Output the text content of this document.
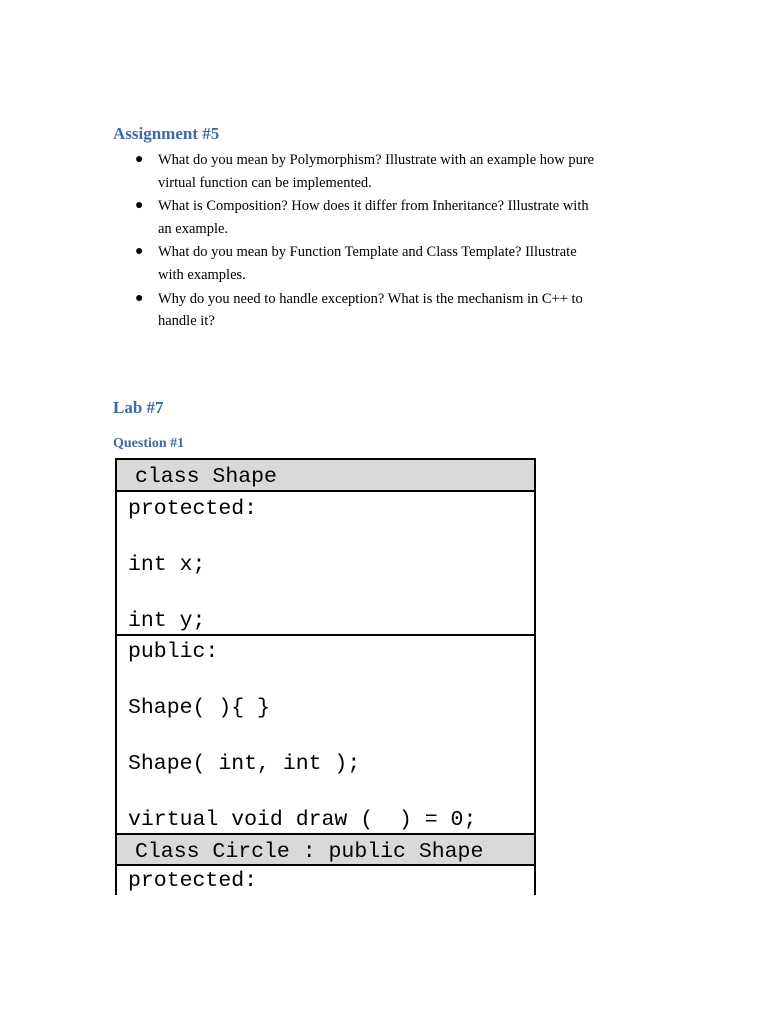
Assignment #5
● What do you mean by Polymorphism? Illustrate with an example how pure
virtual function can be implemented.
● What is Composition? How does it differ from Inheritance? Illustrate with
an example.
● What do you mean by Function Template and Class Template? Illustrate
with examples.
● Why do you need to handle exception? What is the mechanism in C++ to
handle it?
Lab #7
Question #1
class Shape
protected:
int x;
int y;
public:
Shape( ){ }
Shape( int, int );
virtual void draw (  ) = 0;
Class Circle : public Shape
protected:
